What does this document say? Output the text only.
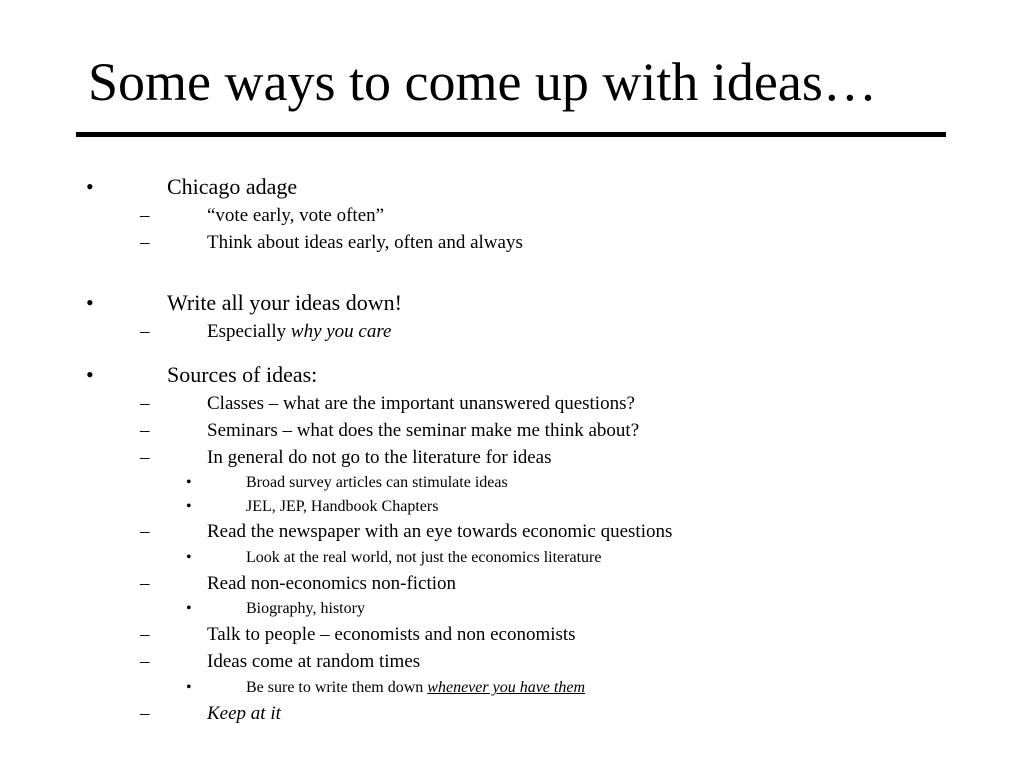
Some ways to come up with ideas…
•	Chicago adage
–	“vote early, vote often”
–	Think about ideas early, often and always
•	Write all your ideas down!
–	Especially why you care
•	Sources of ideas:
–	Classes – what are the important unanswered questions?
–	Seminars – what does the seminar make me think about?
–	In general do not go to the literature for ideas
•	Broad survey articles can stimulate ideas
•	JEL, JEP, Handbook Chapters
–	Read the newspaper with an eye towards economic questions
•	Look at the real world, not just the economics literature
–	Read non-economics non-fiction
•	Biography, history
–	Talk to people – economists and non economists
–	Ideas come at random times
•	Be sure to write them down whenever you have them
–	Keep at it
